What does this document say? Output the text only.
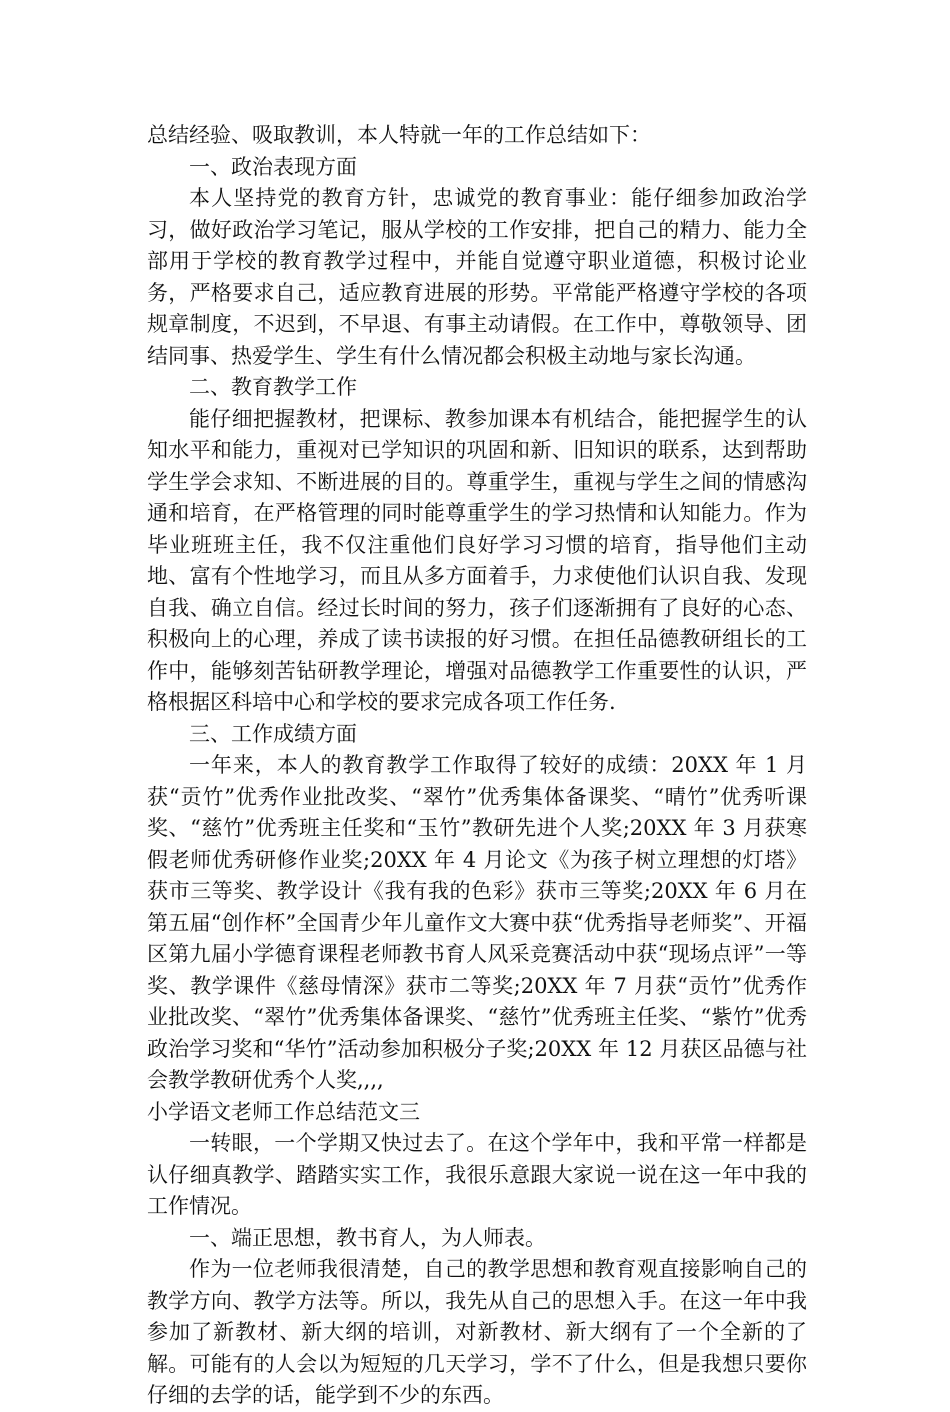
总结经验、吸取教训，本人特就一年的工作总结如下：

一、政治表现方面

本人坚持党的教育方针，忠诚党的教育事业：能仔细参加政治学习，做好政治学习笔记，服从学校的工作安排，把自己的精力、能力全部用于学校的教育教学过程中，并能自觉遵守职业道德，积极讨论业务，严格要求自己，适应教育进展的形势。平常能严格遵守学校的各项规章制度，不迟到，不早退、有事主动请假。在工作中，尊敬领导、团结同事、热爱学生、学生有什么情况都会积极主动地与家长沟通。

二、教育教学工作

能仔细把握教材，把课标、教参加课本有机结合，能把握学生的认知水平和能力，重视对已学知识的巩固和新、旧知识的联系，达到帮助学生学会求知、不断进展的目的。尊重学生，重视与学生之间的情感沟通和培育，在严格管理的同时能尊重学生的学习热情和认知能力。作为毕业班班主任，我不仅注重他们良好学习习惯的培育，指导他们主动地、富有个性地学习，而且从多方面着手，力求使他们认识自我、发现自我、确立自信。经过长时间的努力，孩子们逐渐拥有了良好的心态、积极向上的心理，养成了读书读报的好习惯。在担任品德教研组长的工作中，能够刻苦钻研教学理论，增强对品德教学工作重要性的认识，严格根据区科培中心和学校的要求完成各项工作任务.

三、工作成绩方面

一年来，本人的教育教学工作取得了较好的成绩：20XX 年 1 月获“贡竹”优秀作业批改奖、“翠竹”优秀集体备课奖、“晴竹”优秀听课奖、“慈竹”优秀班主任奖和“玉竹”教研先进个人奖;20XX 年 3 月获寒假老师优秀研修作业奖;20XX 年 4 月论文《为孩子树立理想的灯塔》获市三等奖、教学设计《我有我的色彩》获市三等奖;20XX 年 6 月在第五届“创作杯”全国青少年儿童作文大赛中获“优秀指导老师奖”、开福区第九届小学德育课程老师教书育人风采竞赛活动中获“现场点评”一等奖、教学课件《慈母情深》获市二等奖;20XX 年 7 月获“贡竹”优秀作业批改奖、“翠竹”优秀集体备课奖、“慈竹”优秀班主任奖、“紫竹”优秀政治学习奖和“华竹”活动参加积极分子奖;20XX 年 12 月获区品德与社会教学教研优秀个人奖,,,,

小学语文老师工作总结范文三

一转眼，一个学期又快过去了。在这个学年中，我和平常一样都是认仔细真教学、踏踏实实工作，我很乐意跟大家说一说在这一年中我的工作情况。

一、端正思想，教书育人，为人师表。

作为一位老师我很清楚，自己的教学思想和教育观直接影响自己的教学方向、教学方法等。所以，我先从自己的思想入手。在这一年中我参加了新教材、新大纲的培训，对新教材、新大纲有了一个全新的了解。可能有的人会以为短短的几天学习，学不了什么，但是我想只要你仔细的去学的话，能学到不少的东西。
